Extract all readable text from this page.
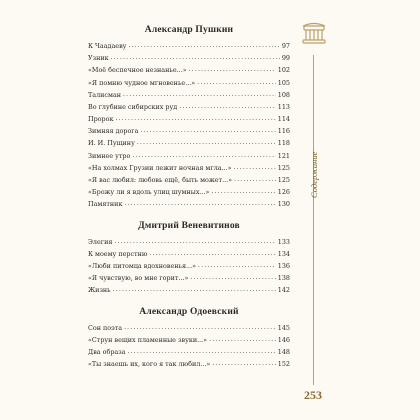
Александр Пушкин
К Чаадаеву .....	97
Узник .....	99
«Моё беспечное незнанье...» .....	102
«Я помню чудное мгновенье...» .....	105
Талисман .....	108
Во глубине сибирских руд .....	113
Пророк .....	114
Зимняя дорога .....	116
И. И. Пущину .....	118
Зимнее утро .....	121
«На холмах Грузии лежит ночная мгла...» .....	125
«Я вас любил: любовь ещё, быть может...» .....	125
«Брожу ли я вдоль улиц шумных...» .....	126
Памятник .....	130
Дмитрий Веневитинов
Элегия .....	133
К моему перстню .....	134
«Люби питомца вдохновенья...» .....	136
«Я чувствую, во мне горит...» .....	138
Жизнь .....	142
Александр Одоевский
Сон поэта .....	145
«Струн вещих пламенные звуки...» .....	146
Два образа .....	148
«Ты знаешь их, кого я так любил...» .....	152
Содержание
253
